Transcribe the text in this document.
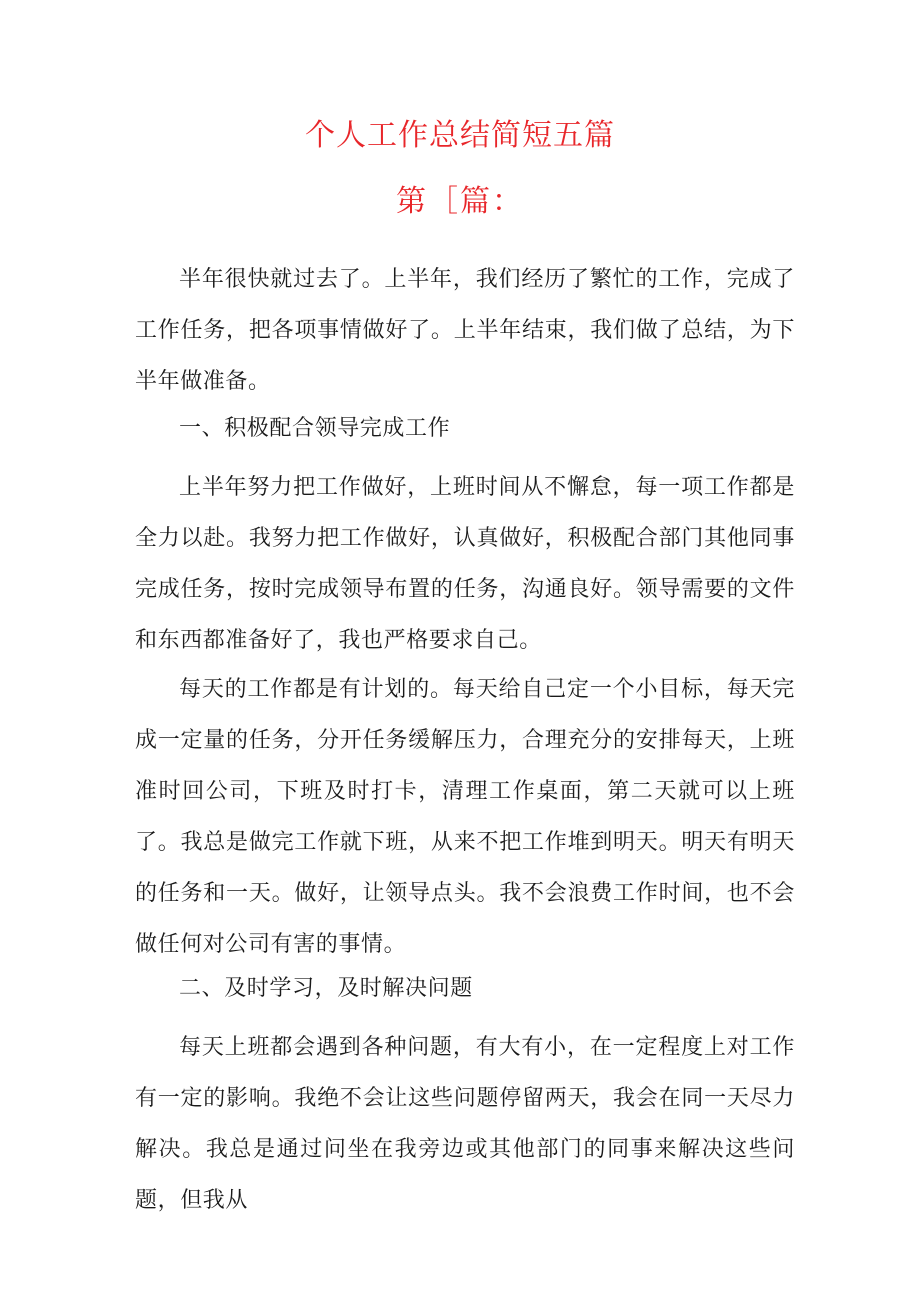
个人工作总结简短五篇
第［篇：

半年很快就过去了。上半年，我们经历了繁忙的工作，完成了工作任务，把各项事情做好了。上半年结束，我们做了总结，为下半年做准备。

一、积极配合领导完成工作

上半年努力把工作做好，上班时间从不懈怠，每一项工作都是全力以赴。我努力把工作做好，认真做好，积极配合部门其他同事完成任务，按时完成领导布置的任务，沟通良好。领导需要的文件和东西都准备好了，我也严格要求自己。

每天的工作都是有计划的。每天给自己定一个小目标，每天完成一定量的任务，分开任务缓解压力，合理充分的安排每天，上班准时回公司，下班及时打卡，清理工作桌面，第二天就可以上班了。我总是做完工作就下班，从来不把工作堆到明天。明天有明天的任务和一天。做好，让领导点头。我不会浪费工作时间，也不会做任何对公司有害的事情。

二、及时学习，及时解决问题

每天上班都会遇到各种问题，有大有小，在一定程度上对工作有一定的影响。我绝不会让这些问题停留两天，我会在同一天尽力解决。我总是通过问坐在我旁边或其他部门的同事来解决这些问题，但我从
